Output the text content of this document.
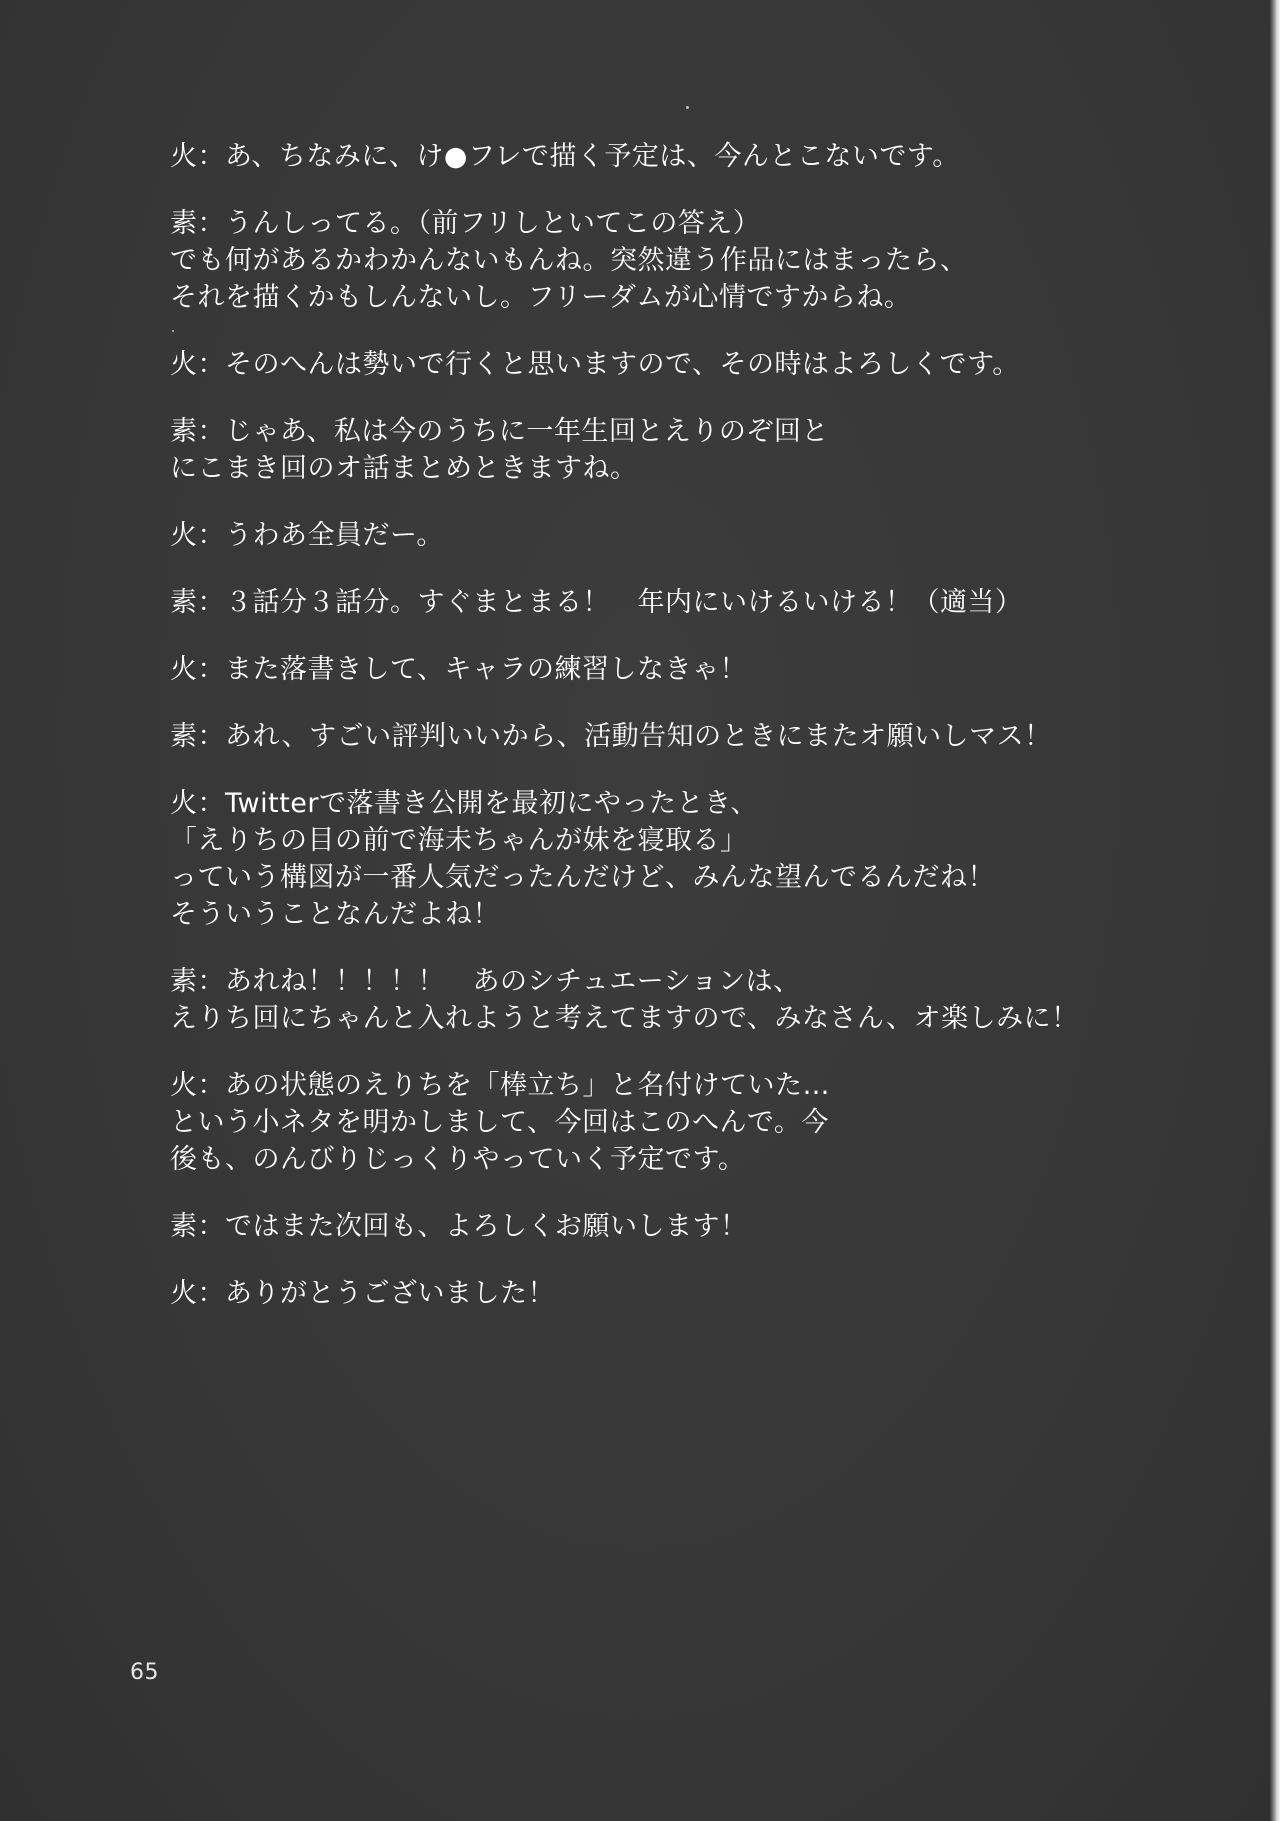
火：あ、ちなみに、け●フレで描く予定は、今んとこないです。
素：うんしってる。（前フリしといてこの答え）
でも何があるかわかんないもんね。突然違う作品にはまったら、
それを描くかもしんないし。フリーダムが心情ですからね。
火：そのへんは勢いで行くと思いますので、その時はよろしくです。
素：じゃあ、私は今のうちに一年生回とえりのぞ回と
にこまき回のオ話まとめときますね。
火：うわあ全員だー。
素：３話分３話分。すぐまとまる！　年内にいけるいける！（適当）
火：また落書きして、キャラの練習しなきゃ！
素：あれ、すごい評判いいから、活動告知のときにまたオ願いしマス！
火：Twitterで落書き公開を最初にやったとき、
「えりちの目の前で海未ちゃんが妹を寝取る」
っていう構図が一番人気だったんだけど、みんな望んでるんだね！
そういうことなんだよね！
素：あれね！！！！！　あのシチュエーションは、
えりち回にちゃんと入れようと考えてますので、みなさん、オ楽しみに！
火：あの状態のえりちを「棒立ち」と名付けていた…
という小ネタを明かしまして、今回はこのへんで。今
後も、のんびりじっくりやっていく予定です。
素：ではまた次回も、よろしくお願いします！
火：ありがとうございました！
65
